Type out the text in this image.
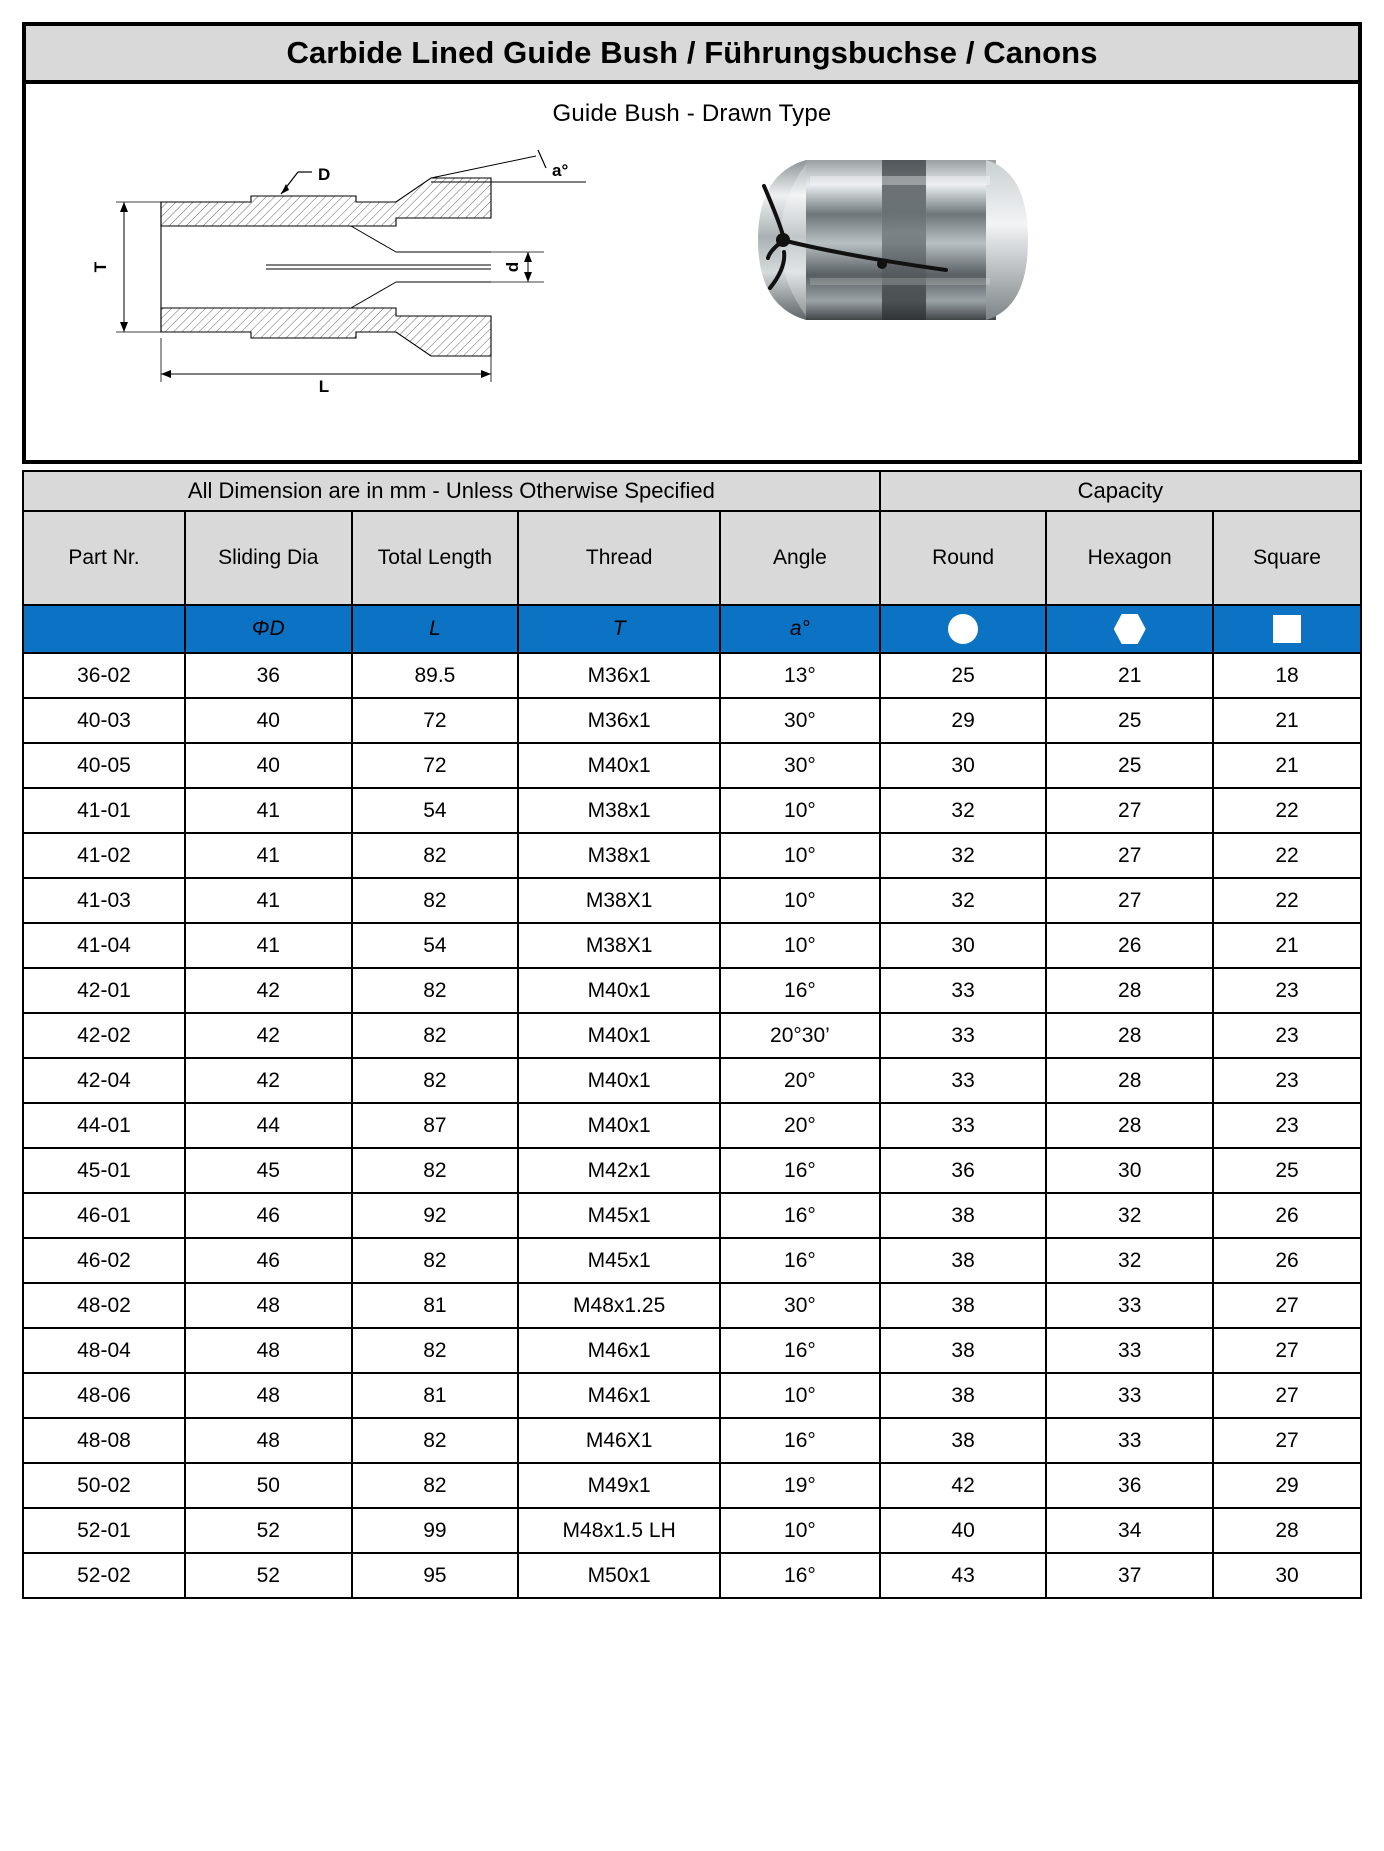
Carbide Lined Guide Bush / Führungsbuchse / Canons
Guide Bush - Drawn Type
D	a°
T	d
L
All Dimension are in mm - Unless Otherwise Specified					Capacity		
Part Nr.	Sliding Dia	Total Length	Thread	Angle	Round	Hexagon	Square
	ΦD	L	T	a°			
36-02	36	89.5	M36x1	13°	25	21	18
40-03	40	72	M36x1	30°	29	25	21
40-05	40	72	M40x1	30°	30	25	21
41-01	41	54	M38x1	10°	32	27	22
41-02	41	82	M38x1	10°	32	27	22
41-03	41	82	M38X1	10°	32	27	22
41-04	41	54	M38X1	10°	30	26	21
42-01	42	82	M40x1	16°	33	28	23
42-02	42	82	M40x1	20°30’	33	28	23
42-04	42	82	M40x1	20°	33	28	23
44-01	44	87	M40x1	20°	33	28	23
45-01	45	82	M42x1	16°	36	30	25
46-01	46	92	M45x1	16°	38	32	26
46-02	46	82	M45x1	16°	38	32	26
48-02	48	81	M48x1.25	30°	38	33	27
48-04	48	82	M46x1	16°	38	33	27
48-06	48	81	M46x1	10°	38	33	27
48-08	48	82	M46X1	16°	38	33	27
50-02	50	82	M49x1	19°	42	36	29
52-01	52	99	M48x1.5 LH	10°	40	34	28
52-02	52	95	M50x1	16°	43	37	30
